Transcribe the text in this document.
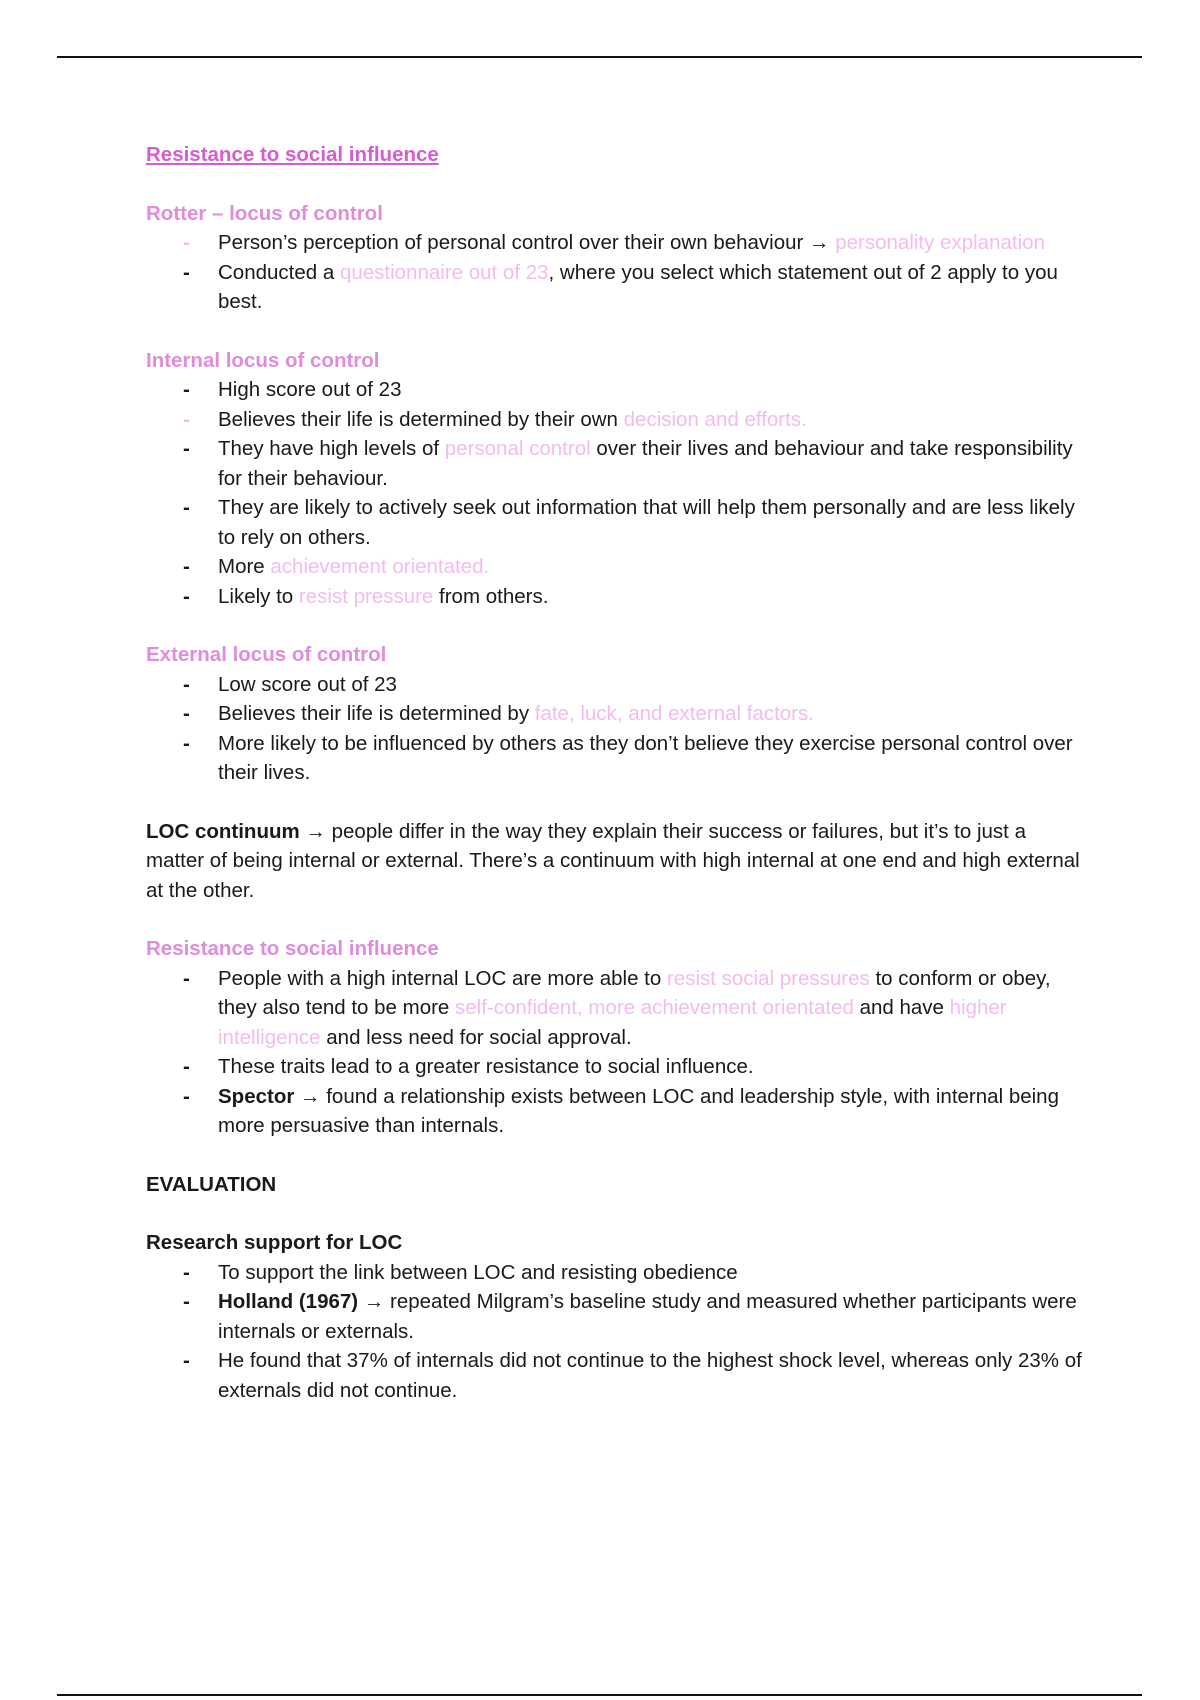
Resistance to social influence

Rotter – locus of control

- Person’s perception of personal control over their own behaviour → personality explanation
- Conducted a questionnaire out of 23, where you select which statement out of 2 apply to you best.

Internal locus of control

- High score out of 23
- Believes their life is determined by their own decision and efforts.
- They have high levels of personal control over their lives and behaviour and take responsibility for their behaviour.
- They are likely to actively seek out information that will help them personally and are less likely to rely on others.
- More achievement orientated.
- Likely to resist pressure from others.

External locus of control

- Low score out of 23
- Believes their life is determined by fate, luck, and external factors.
- More likely to be influenced by others as they don’t believe they exercise personal control over their lives.

LOC continuum → people differ in the way they explain their success or failures, but it’s to just a matter of being internal or external. There’s a continuum with high internal at one end and high external at the other.

Resistance to social influence

- People with a high internal LOC are more able to resist social pressures to conform or obey, they also tend to be more self-confident, more achievement orientated and have higher intelligence and less need for social approval.
- These traits lead to a greater resistance to social influence.
- Spector → found a relationship exists between LOC and leadership style, with internal being more persuasive than internals.

EVALUATION

Research support for LOC

- To support the link between LOC and resisting obedience
- Holland (1967) → repeated Milgram’s baseline study and measured whether participants were internals or externals.
- He found that 37% of internals did not continue to the highest shock level, whereas only 23% of externals did not continue.
